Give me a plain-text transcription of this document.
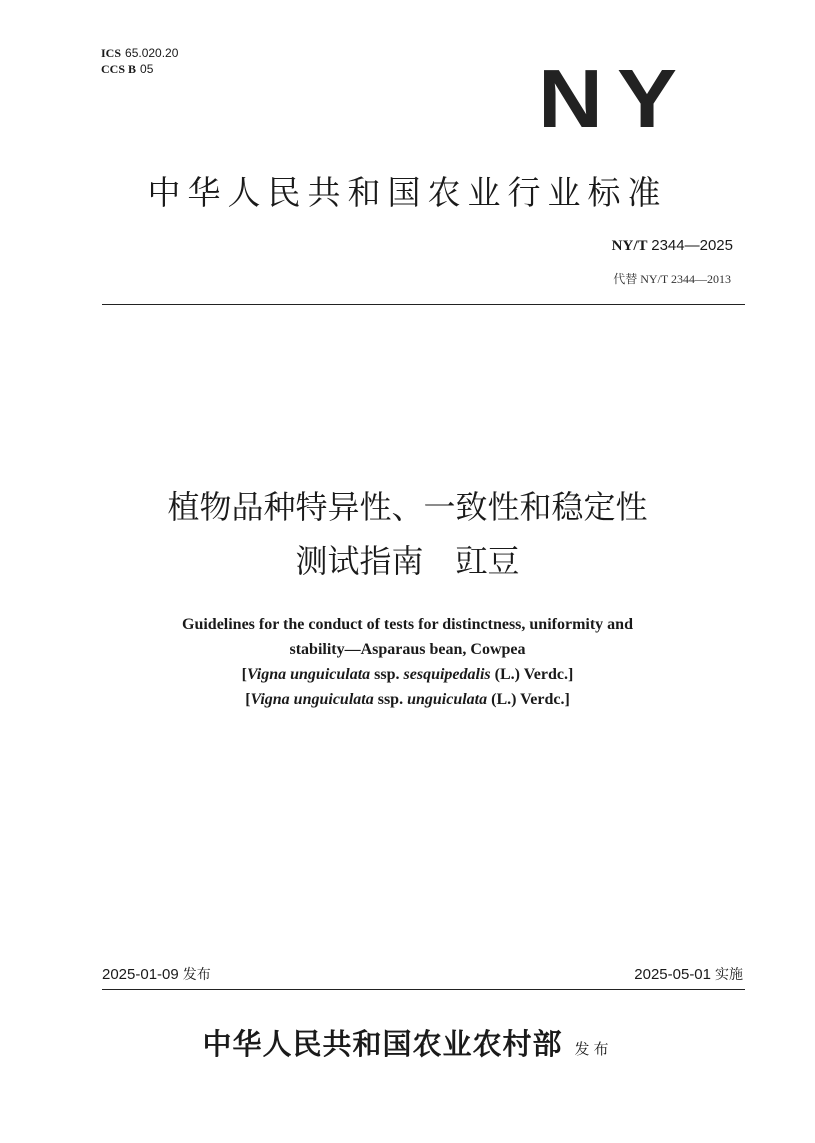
ICS 65.020.20
CCS B 05	NY
中华人民共和国农业行业标准
NY/T 2344—2025
代替 NY/T 2344—2013
植物品种特异性、一致性和稳定性
测试指南　豇豆
Guidelines for the conduct of tests for distinctness, uniformity and
stability—Asparaus bean, Cowpea
[Vigna unguiculata ssp. sesquipedalis (L.) Verdc.]
[Vigna unguiculata ssp. unguiculata (L.) Verdc.]
2025-01-09 发布	2025-05-01 实施
中华人民共和国农业农村部 发布
